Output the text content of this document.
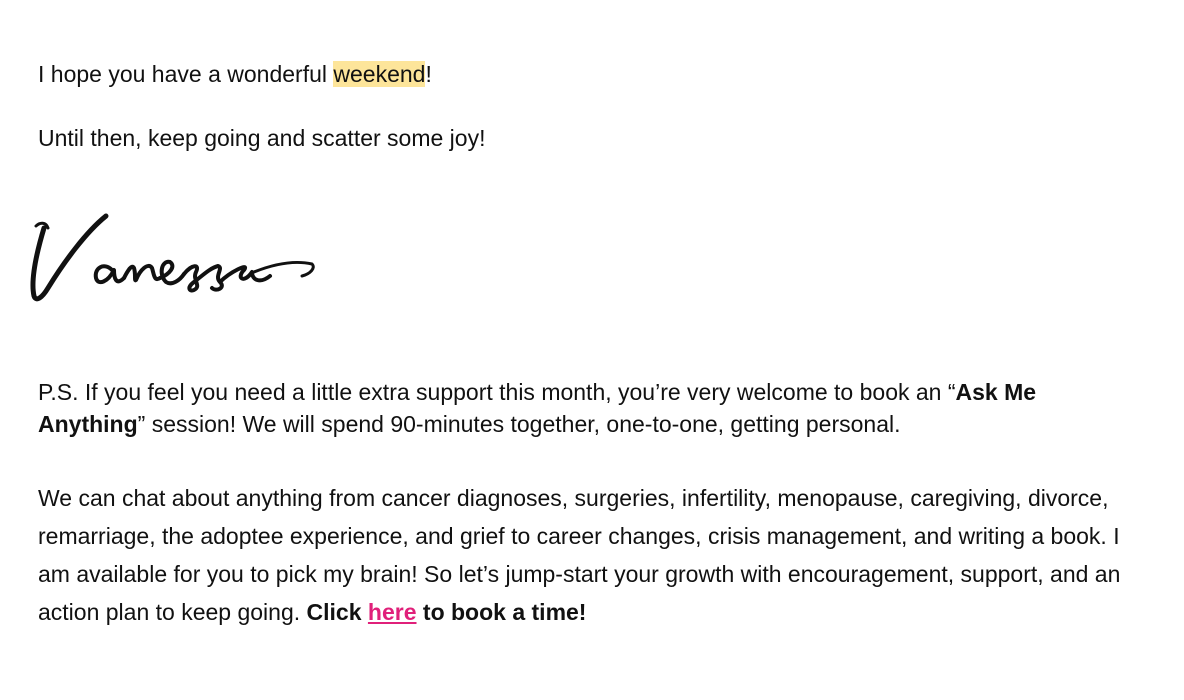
I hope you have a wonderful weekend!

Until then, keep going and scatter some joy!

P.S. If you feel you need a little extra support this month, you’re very welcome to book an “Ask Me Anything” session! We will spend 90-minutes together, one-to-one, getting personal.

We can chat about anything from cancer diagnoses, surgeries, infertility, menopause, caregiving, divorce, remarriage, the adoptee experience, and grief to career changes, crisis management, and writing a book. I am available for you to pick my brain! So let’s jump-start your growth with encouragement, support, and an action plan to keep going. Click here to book a time!
